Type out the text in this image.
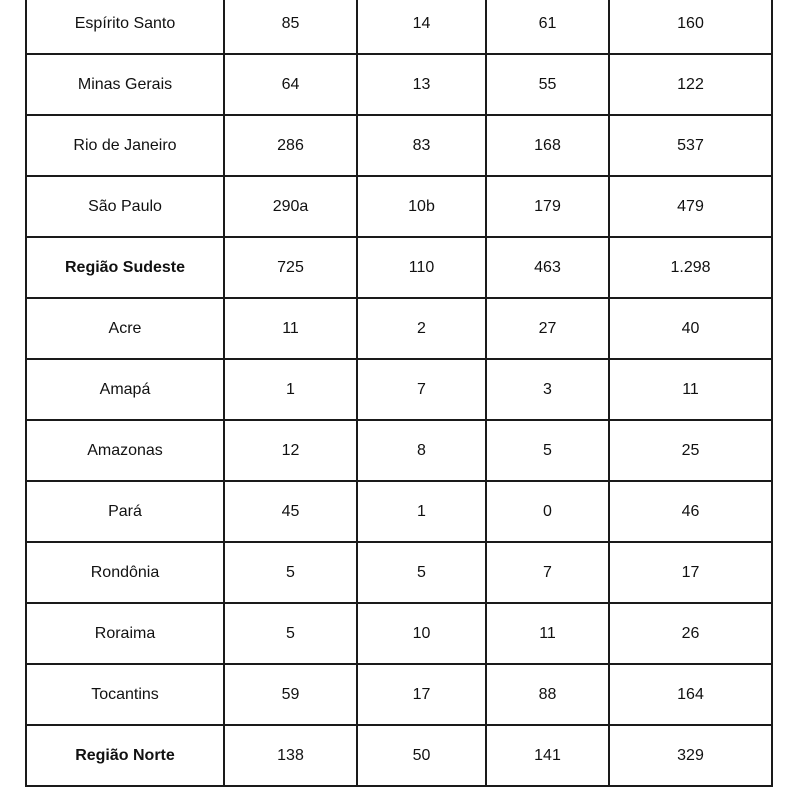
Espírito Santo	85	14	61	160
Minas Gerais	64	13	55	122
Rio de Janeiro	286	83	168	537
São Paulo	290a	10b	179	479
Região Sudeste	725	110	463	1.298
Acre	11	2	27	40
Amapá	1	7	3	11
Amazonas	12	8	5	25
Pará	45	1	0	46
Rondônia	5	5	7	17
Roraima	5	10	11	26
Tocantins	59	17	88	164
Região Norte	138	50	141	329
